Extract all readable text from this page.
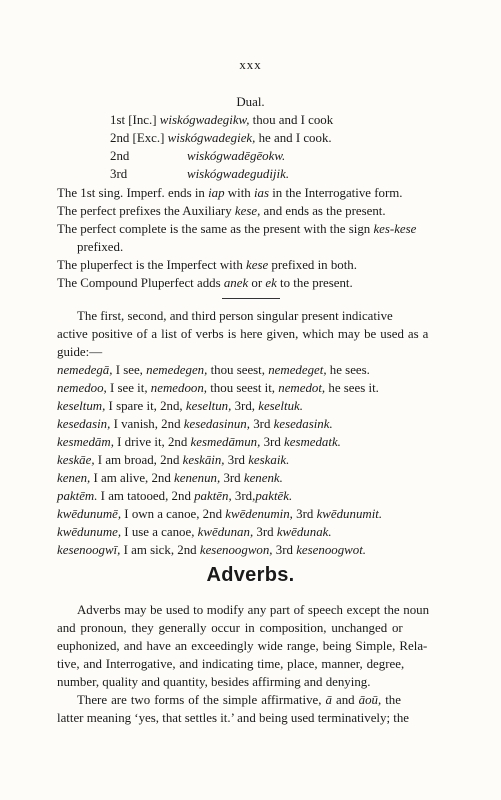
xxx
Dual.
1st [Inc.] wiskógwadegikw, thou and I cook
2nd [Exc.] wiskógwadegiek, he and I cook.
2nd	wiskógwadēgēokw.
3rd	wiskógwadegudijik.
The 1st sing. Imperf. ends in iap with ias in the Interrogative form.
The perfect prefixes the Auxiliary kese, and ends as the present.
The perfect complete is the same as the present with the sign kes-kese
prefixed.
The pluperfect is the Imperfect with kese prefixed in both.
The Compound Pluperfect adds anek or ek to the present.
The first, second, and third person singular present indicative
active positive of a list of verbs is here given, which may be used as a
guide:—
nemedegā, I see, nemedegen, thou seest, nemedeget, he sees.
nemedoo, I see it, nemedoon, thou seest it, nemedot, he sees it.
keseltum, I spare it, 2nd, keseltun, 3rd, keseltuk.
kesedasin, I vanish, 2nd kesedasinun, 3rd kesedasink.
kesmedām, I drive it, 2nd kesmedāmun, 3rd kesmedatk.
keskāe, I am broad, 2nd keskāin, 3rd keskaik.
kenen, I am alive, 2nd kenenun, 3rd kenenk.
paktēm. I am tatooed, 2nd paktēn, 3rd,paktēk.
kwēdunumē, I own a canoe, 2nd kwēdenumin, 3rd kwēdunumit.
kwēdunume, I use a canoe, kwēdunan, 3rd kwēdunak.
kesenoogwī, I am sick, 2nd kesenoogwon, 3rd kesenoogwot.
Adverbs.
Adverbs may be used to modify any part of speech except the noun
and pronoun, they generally occur in composition, unchanged or
euphonized, and have an exceedingly wide range, being Simple, Rela-
tive, and Interrogative, and indicating time, place, manner, degree,
number, quality and quantity, besides affirming and denying.
There are two forms of the simple affirmative, ā and āoū, the
latter meaning ‘yes, that settles it.’ and being used terminatively; the
